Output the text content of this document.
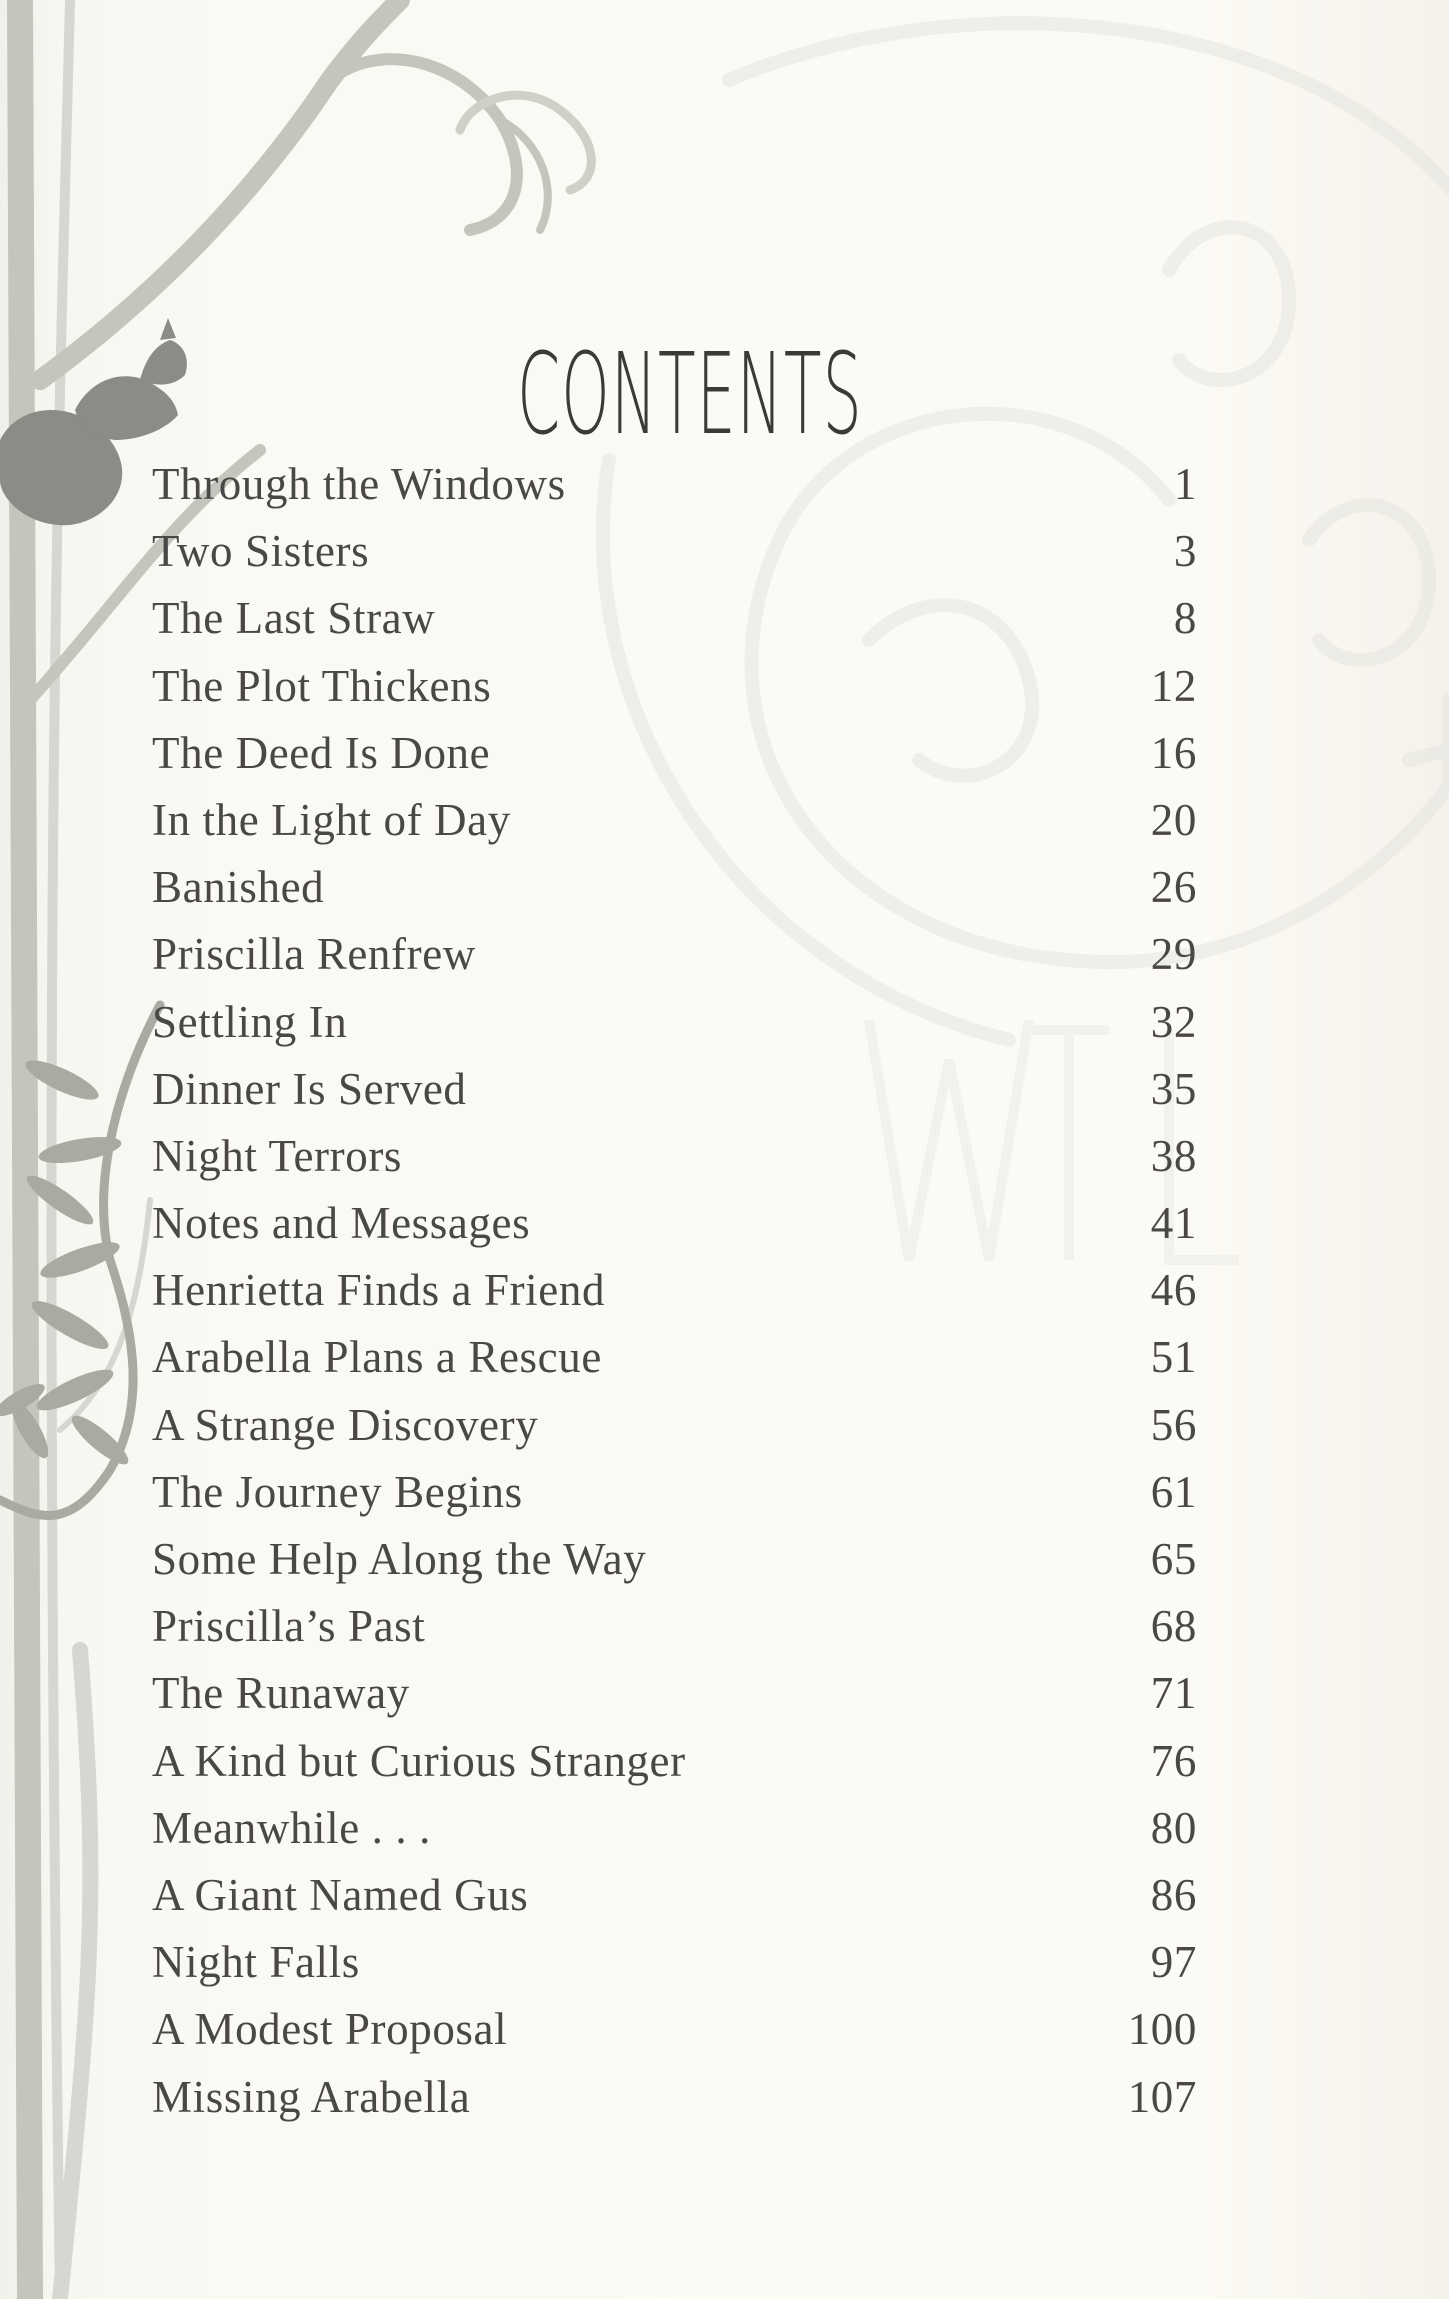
CONTENTS
Through the Windows	1
Two Sisters	3
The Last Straw	8
The Plot Thickens	12
The Deed Is Done	16
In the Light of Day	20
Banished	26
Priscilla Renfrew	29
Settling In	32
Dinner Is Served	35
Night Terrors	38
Notes and Messages	41
Henrietta Finds a Friend	46
Arabella Plans a Rescue	51
A Strange Discovery	56
The Journey Begins	61
Some Help Along the Way	65
Priscilla’s Past	68
The Runaway	71
A Kind but Curious Stranger	76
Meanwhile . . .	80
A Giant Named Gus	86
Night Falls	97
A Modest Proposal	100
Missing Arabella	107
